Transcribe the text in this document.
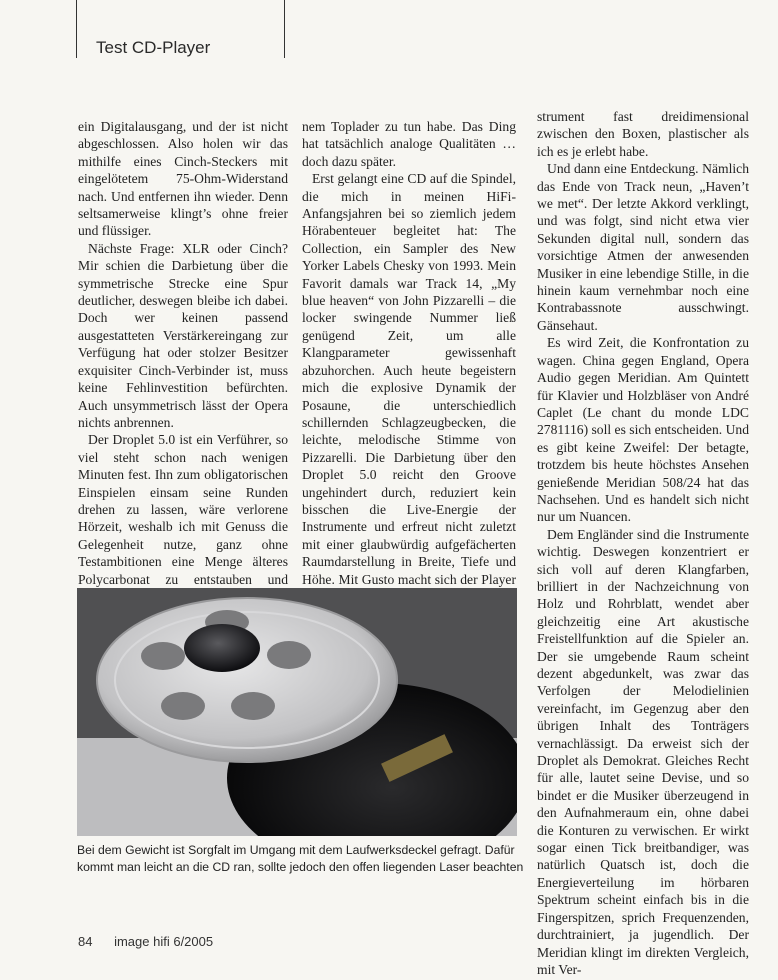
Test CD-Player

ein Digitalausgang, und der ist nicht abgeschlossen. Also holen wir das mithilfe eines Cinch-Steckers mit eingelötetem 75-Ohm-Widerstand nach. Und entfernen ihn wieder. Denn seltsamerweise klingt’s ohne freier und flüssiger.

Nächste Frage: XLR oder Cinch? Mir schien die Darbietung über die symmetrische Strecke eine Spur deutlicher, deswegen bleibe ich dabei. Doch wer keinen passend ausgestatteten Verstärkereingang zur Verfügung hat oder stolzer Besitzer exquisiter Cinch-Verbinder ist, muss keine Fehlinvestition befürchten. Auch unsymmetrisch lässt der Opera nichts anbrennen.

Der Droplet 5.0 ist ein Verführer, so viel steht schon nach wenigen Minuten fest. Ihn zum obligatorischen Einspielen einsam seine Runden drehen zu lassen, wäre verlorene Hörzeit, weshalb ich mit Genuss die Gelegenheit nutze, ganz ohne Testambitionen eine Menge älteres Polycarbonat zu entstauben und

nem Toplader zu tun habe. Das Ding hat tatsächlich analoge Qualitäten … doch dazu später.

Erst gelangt eine CD auf die Spindel, die mich in meinen HiFi-Anfangsjahren bei so ziemlich jedem Hörabenteuer begleitet hat: The Collection, ein Sampler des New Yorker Labels Chesky von 1993. Mein Favorit damals war Track 14, „My blue heaven“ von John Pizzarelli – die locker swingende Nummer ließ genügend Zeit, um alle Klangparameter gewissenhaft abzuhorchen. Auch heute begeistern mich die explosive Dynamik der Posaune, die unterschiedlich schillernden Schlagzeugbecken, die leichte, melodische Stimme von Pizzarelli. Die Darbietung über den Droplet 5.0 reicht den Groove ungehindert durch, reduziert kein bisschen die Live-Energie der Instrumente und erfreut nicht zuletzt mit einer glaubwürdig aufgefächerten Raumdarstellung in Breite, Tiefe und Höhe. Mit Gusto macht sich der Player

strument fast dreidimensional zwischen den Boxen, plastischer als ich es je erlebt habe.

Und dann eine Entdeckung. Nämlich das Ende von Track neun, „Haven’t we met“. Der letzte Akkord verklingt, und was folgt, sind nicht etwa vier Sekunden digital null, sondern das vorsichtige Atmen der anwesenden Musiker in eine lebendige Stille, in die hinein kaum vernehmbar noch eine Kontrabassnote ausschwingt. Gänsehaut.

Es wird Zeit, die Konfrontation zu wagen. China gegen England, Opera Audio gegen Meridian. Am Quintett für Klavier und Holzbläser von André Caplet (Le chant du monde LDC 2781116) soll es sich entscheiden. Und es gibt keine Zweifel: Der betagte, trotzdem bis heute höchstes Ansehen genießende Meridian 508/24 hat das Nachsehen. Und es handelt sich nicht nur um Nuancen.

Dem Engländer sind die Instrumente wichtig. Deswegen konzentriert er sich voll auf deren Klangfarben, brilliert in der Nachzeichnung von Holz und Rohrblatt, wendet aber gleichzeitig eine Art akustische Freistellfunktion auf die Spieler an. Der sie umgebende Raum scheint dezent abgedunkelt, was zwar das Verfolgen der Melodielinien vereinfacht, im Gegenzug aber den übrigen Inhalt des Tonträgers vernachlässigt. Da erweist sich der Droplet als Demokrat. Gleiches Recht für alle, lautet seine Devise, und so bindet er die Musiker überzeugend in den Aufnahmeraum ein, ohne dabei die Konturen zu verwischen. Er wirkt sogar einen Tick breitbandiger, was natürlich Quatsch ist, doch die Energieverteilung im hörbaren Spektrum scheint einfach bis in die Fingerspitzen, sprich Frequenzenden, durchtrainiert, ja jugendlich. Der Meridian klingt im direkten Vergleich, mit Ver-

Bei dem Gewicht ist Sorgfalt im Umgang mit dem Laufwerksdeckel gefragt. Dafür kommt man leicht an die CD ran, sollte jedoch den offen liegenden Laser beachten
84 image hifi 6/2005
